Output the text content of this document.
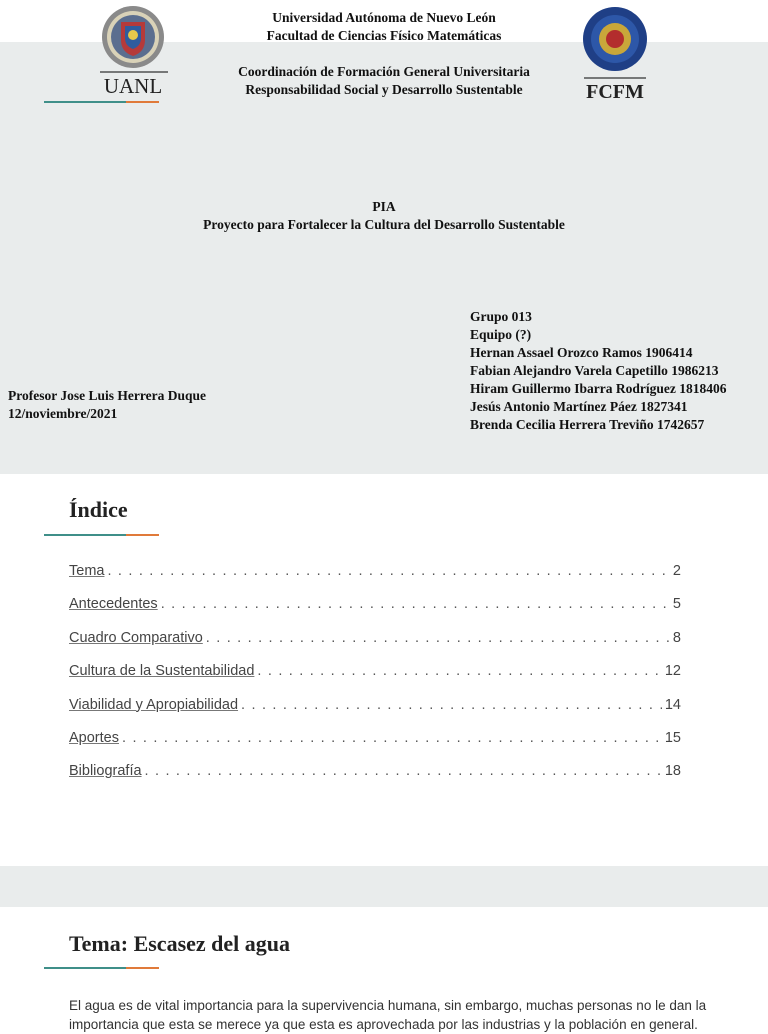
UANL	FCFM
Universidad Autónoma de Nuevo León
Facultad de Ciencias Físico Matemáticas
Coordinación de Formación General Universitaria
Responsabilidad Social y Desarrollo Sustentable
PIA
Proyecto para Fortalecer la Cultura del Desarrollo Sustentable
Grupo 013
Equipo (?)
Hernan Assael Orozco Ramos 1906414
Fabian Alejandro Varela Capetillo 1986213
Hiram Guillermo Ibarra Rodríguez 1818406
Jesús Antonio Martínez Páez 1827341
Brenda Cecilia Herrera Treviño 1742657
Profesor Jose Luis Herrera Duque
12/noviembre/2021
Índice
Tema . . .	2
Antecedentes . . .	5
Cuadro Comparativo . . .	8
Cultura de la Sustentabilidad . . .	12
Viabilidad y Apropiabilidad . . .	14
Aportes . . .	15
Bibliografía . . .	18
Tema: Escasez del agua
El agua es de vital importancia para la supervivencia humana, sin embargo, muchas personas no le dan la importancia que esta se merece ya que esta es aprovechada por las industrias y la población en general.
